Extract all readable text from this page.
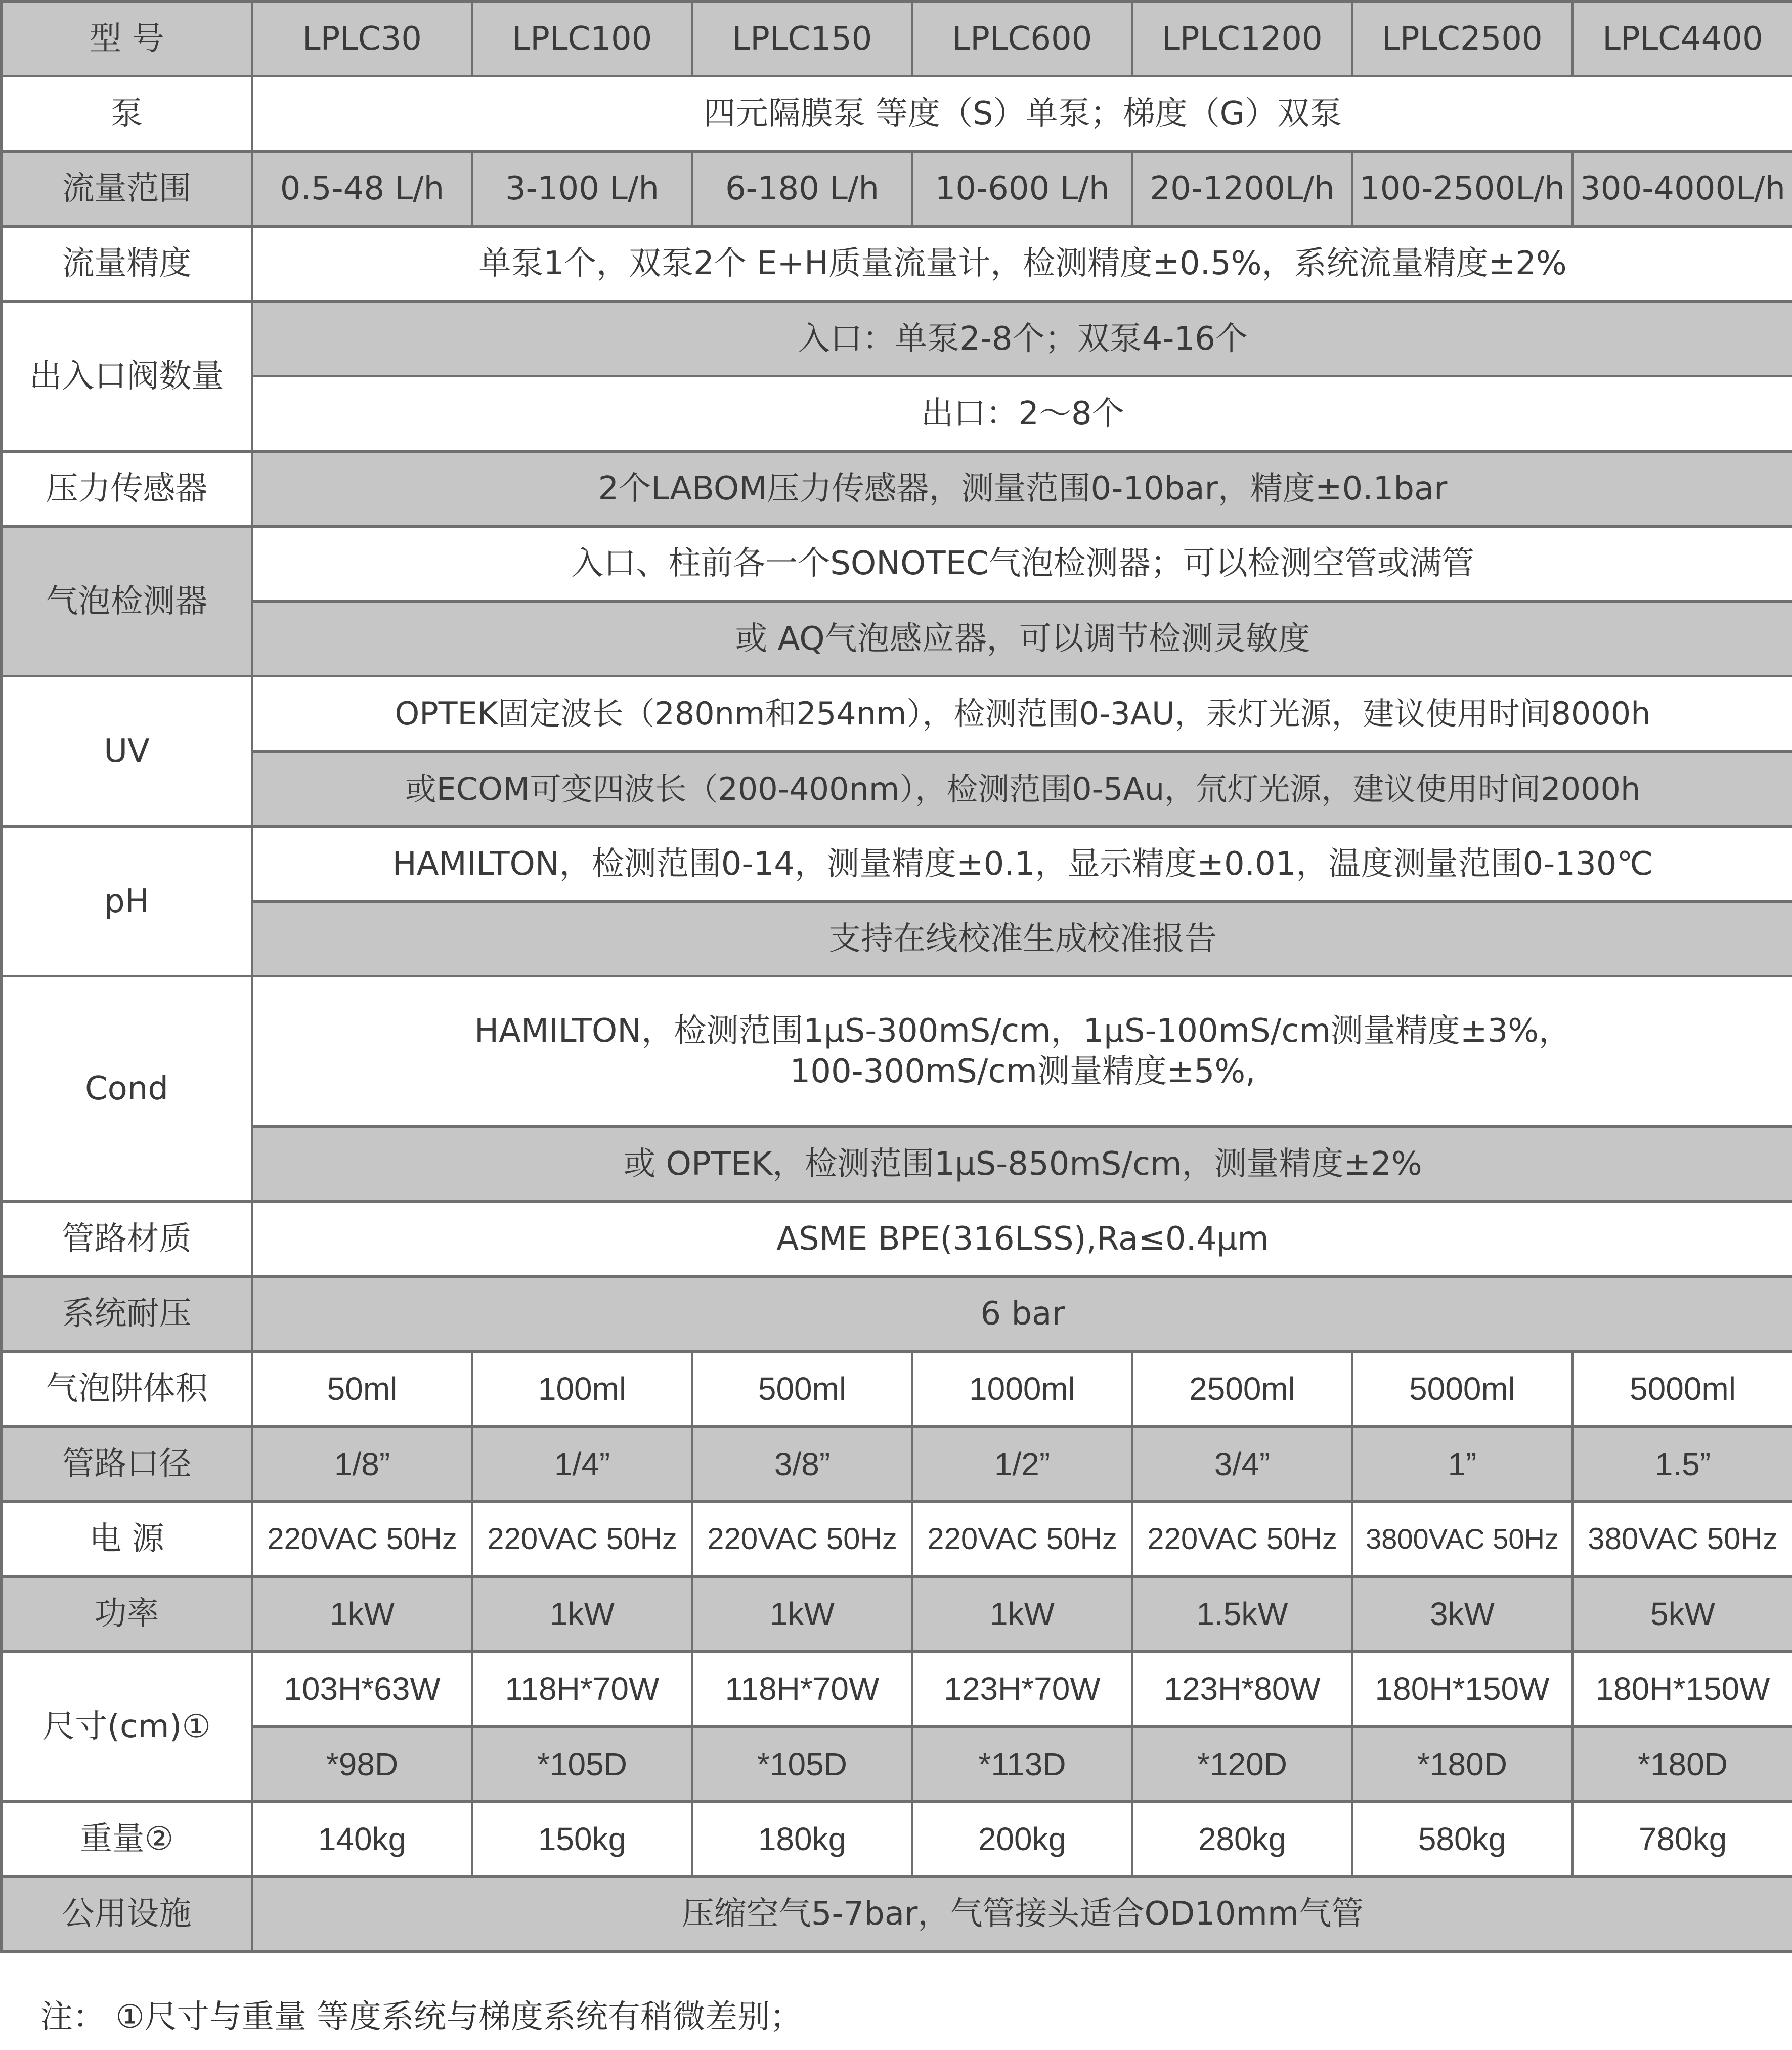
型 号	LPLC30	LPLC100	LPLC150	LPLC600	LPLC1200	LPLC2500	LPLC4400
泵	四元隔膜泵 等度（S）单泵；梯度（G）双泵						
流量范围	0.5-48 L/h	3-100 L/h	6-180 L/h	10-600 L/h	20-1200L/h	100-2500L/h	300-4000L/h
流量精度	单泵1个，双泵2个 E+H质量流量计，检测精度±0.5%，系统流量精度±2%						
出入口阀数量	入口：单泵2-8个；双泵4-16个						
	出口：2～8个						
压力传感器	2个LABOM压力传感器，测量范围0-10bar，精度±0.1bar						
气泡检测器	入口、柱前各一个SONOTEC气泡检测器；可以检测空管或满管						
	或 AQ气泡感应器，可以调节检测灵敏度						
UV	OPTEK固定波长（280nm和254nm），检测范围0-3AU，汞灯光源，建议使用时间8000h						
	或ECOM可变四波长（200-400nm），检测范围0-5Au，氘灯光源，建议使用时间2000h						
pH	HAMILTON，检测范围0-14，测量精度±0.1，显示精度±0.01，温度测量范围0-130℃						
	支持在线校准生成校准报告						
Cond	HAMILTON，检测范围1μS-300mS/cm，1μS-100mS/cm测量精度±3%，
100-300mS/cm测量精度±5%,						

	或 OPTEK，检测范围1μS-850mS/cm，测量精度±2%						
管路材质	ASME BPE(316LSS),Ra≤0.4μm						
系统耐压	6 bar						
气泡阱体积	50ml	100ml	500ml	1000ml	2500ml	5000ml	5000ml
管路口径	1/8”	1/4”	3/8”	1/2”	3/4”	1”	1.5”
电 源	220VAC 50Hz	220VAC 50Hz	220VAC 50Hz	220VAC 50Hz	220VAC 50Hz	3800VAC 50Hz	380VAC 50Hz
功率	1kW	1kW	1kW	1kW	1.5kW	3kW	5kW
尺寸(cm)①	103H*63W	118H*70W	118H*70W	123H*70W	123H*80W	180H*150W	180H*150W
	*98D	*105D	*105D	*113D	*120D	*180D	*180D
重量②	140kg	150kg	180kg	200kg	280kg	580kg	780kg
公用设施	压缩空气5-7bar，气管接头适合OD10mm气管						
注： ①尺寸与重量 等度系统与梯度系统有稍微差别；
